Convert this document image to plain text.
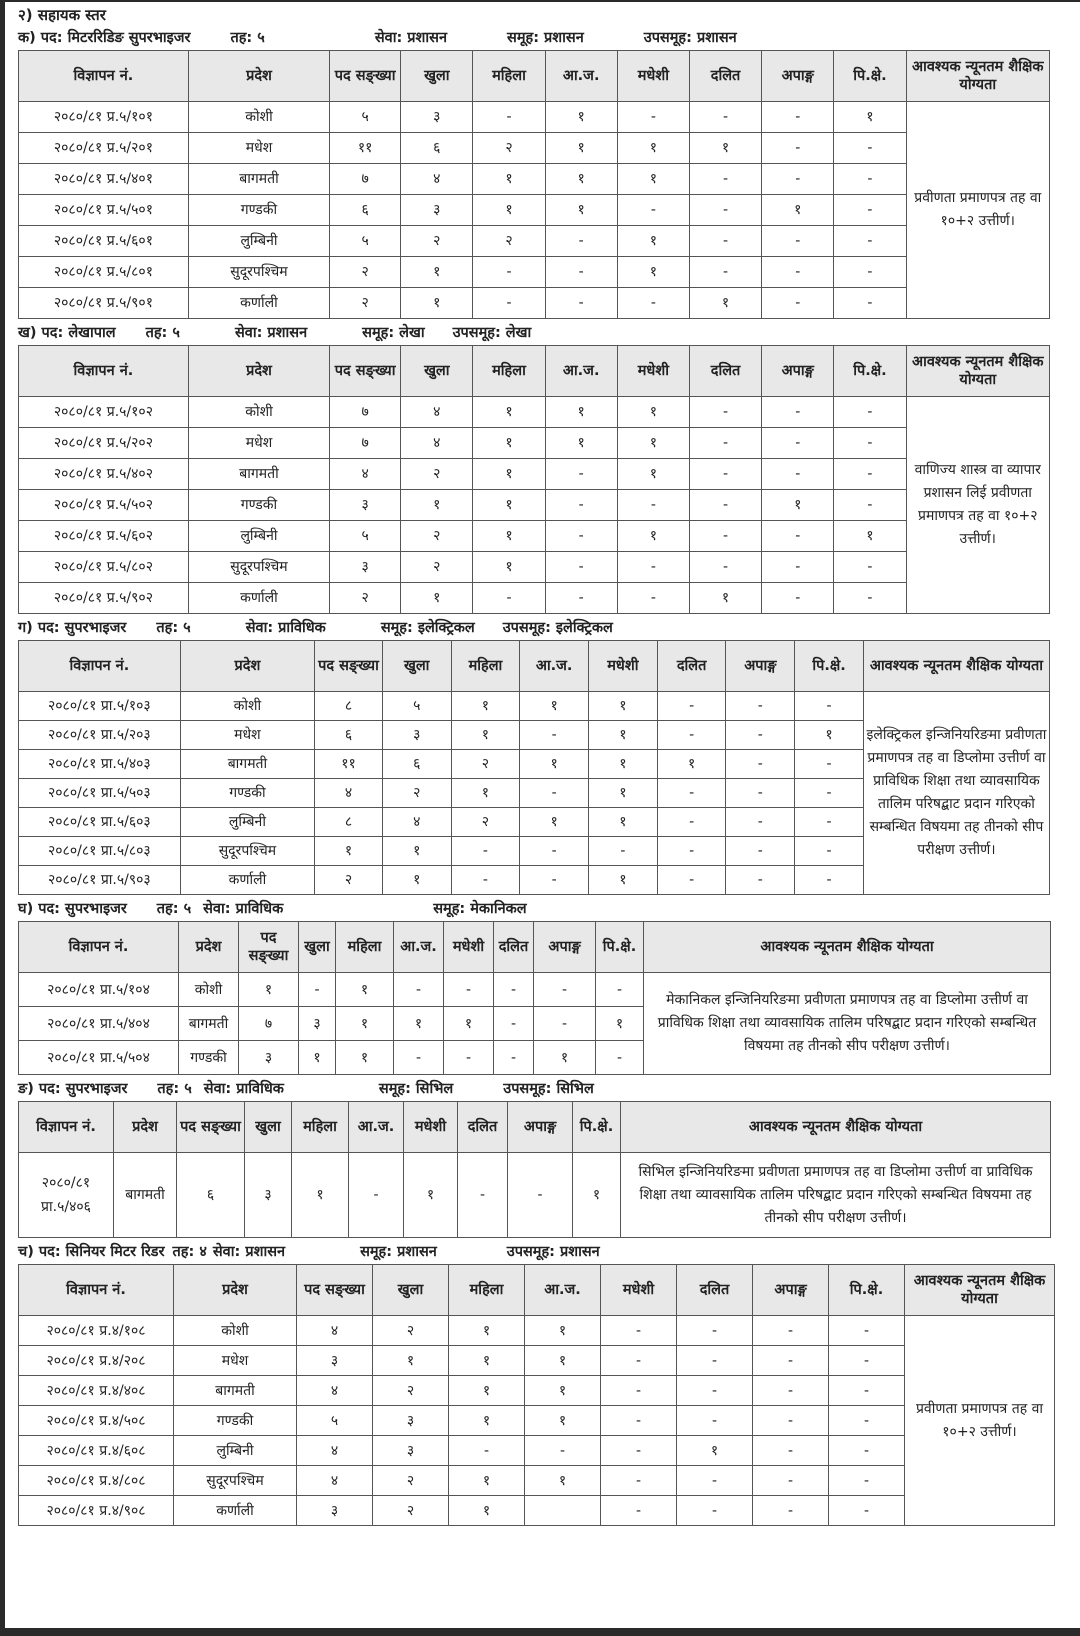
२) सहायक स्तर
क) पद: मिटररिडिङ सुपरभाइजर	तह: ५	सेवा: प्रशासन	समूह: प्रशासन	उपसमूह: प्रशासन
विज्ञापन नं.	प्रदेश	पद सङ्ख्या	खुला	महिला	आ.ज.	मधेशी	दलित	अपाङ्ग	पि.क्षे.	आवश्यक न्यूनतम शैक्षिक योग्यता
२०८०/८१ प्र.५/१०१	कोशी	५	३	-	१	-	-	-	१	प्रवीणता प्रमाणपत्र तह वा १०+२ उत्तीर्ण।
२०८०/८१ प्र.५/२०१	मधेश	११	६	२	१	१	१	-	-	
२०८०/८१ प्र.५/४०१	बागमती	७	४	१	१	१	-	-	-	
२०८०/८१ प्र.५/५०१	गण्डकी	६	३	१	१	-	-	१	-	
२०८०/८१ प्र.५/६०१	लुम्बिनी	५	२	२	-	१	-	-	-	
२०८०/८१ प्र.५/८०१	सुदूरपश्चिम	२	१	-	-	१	-	-	-	
२०८०/८१ प्र.५/९०१	कर्णाली	२	१	-	-	-	१	-	-	
ख) पद: लेखापाल तह: ५	सेवा: प्रशासन	समूह: लेखा उपसमूह: लेखा
विज्ञापन नं.	प्रदेश	पद सङ्ख्या	खुला	महिला	आ.ज.	मधेशी	दलित	अपाङ्ग	पि.क्षे.	आवश्यक न्यूनतम शैक्षिक योग्यता
२०८०/८१ प्र.५/१०२	कोशी	७	४	१	१	१	-	-	-	वाणिज्य शास्त्र वा व्यापार प्रशासन लिई प्रवीणता प्रमाणपत्र तह वा १०+२ उत्तीर्ण।
२०८०/८१ प्र.५/२०२	मधेश	७	४	१	१	१	-	-	-	
२०८०/८१ प्र.५/४०२	बागमती	४	२	१	-	१	-	-	-	
२०८०/८१ प्र.५/५०२	गण्डकी	३	१	१	-	-	-	१	-	
२०८०/८१ प्र.५/६०२	लुम्बिनी	५	२	१	-	१	-	-	१	
२०८०/८१ प्र.५/८०२	सुदूरपश्चिम	३	२	१	-	-	-	-	-	
२०८०/८१ प्र.५/९०२	कर्णाली	२	१	-	-	-	१	-	-	
ग) पद: सुपरभाइजर तह: ५	सेवा: प्राविधिक	समूह: इलेक्ट्रिकल उपसमूह: इलेक्ट्रिकल
विज्ञापन नं.	प्रदेश	पद सङ्ख्या	खुला	महिला	आ.ज.	मधेशी	दलित	अपाङ्ग	पि.क्षे.	आवश्यक न्यूनतम शैक्षिक योग्यता
२०८०/८१ प्रा.५/१०३	कोशी	८	५	१	१	१	-	-	-	इलेक्ट्रिकल इन्जिनियरिङमा प्रवीणता प्रमाणपत्र तह वा डिप्लोमा उत्तीर्ण वा प्राविधिक शिक्षा तथा व्यावसायिक तालिम परिषद्बाट प्रदान गरिएको सम्बन्धित विषयमा तह तीनको सीप परीक्षण उत्तीर्ण।
२०८०/८१ प्रा.५/२०३	मधेश	६	३	१	-	१	-	-	१	
२०८०/८१ प्रा.५/४०३	बागमती	११	६	२	१	१	१	-	-	
२०८०/८१ प्रा.५/५०३	गण्डकी	४	२	१	-	१	-	-	-	
२०८०/८१ प्रा.५/६०३	लुम्बिनी	८	४	२	१	१	-	-	-	
२०८०/८१ प्रा.५/८०३	सुदूरपश्चिम	१	१	-	-	-	-	-	-	
२०८०/८१ प्रा.५/९०३	कर्णाली	२	१	-	-	१	-	-	-	
घ) पद: सुपरभाइजर तह: ५ सेवा: प्राविधिक	समूह: मेकानिकल
विज्ञापन नं.	प्रदेश	पद सङ्ख्या	खुला	महिला	आ.ज.	मधेशी	दलित	अपाङ्ग	पि.क्षे.	आवश्यक न्यूनतम शैक्षिक योग्यता
२०८०/८१ प्रा.५/१०४	कोशी	१	-	१	-	-	-	-	-	मेकानिकल इन्जिनियरिङमा प्रवीणता प्रमाणपत्र तह वा डिप्लोमा उत्तीर्ण वा प्राविधिक शिक्षा तथा व्यावसायिक तालिम परिषद्बाट प्रदान गरिएको सम्बन्धित विषयमा तह तीनको सीप परीक्षण उत्तीर्ण।
२०८०/८१ प्रा.५/४०४	बागमती	७	३	१	१	१	-	-	१	
२०८०/८१ प्रा.५/५०४	गण्डकी	३	१	१	-	-	-	१	-	
ङ) पद: सुपरभाइजर तह: ५ सेवा: प्राविधिक	समूह: सिभिल	उपसमूह: सिभिल
विज्ञापन नं.	प्रदेश	पद सङ्ख्या	खुला	महिला	आ.ज.	मधेशी	दलित	अपाङ्ग	पि.क्षे.	आवश्यक न्यूनतम शैक्षिक योग्यता
२०८०/८१ प्रा.५/४०६	बागमती	६	३	१	-	१	-	-	१	सिभिल इन्जिनियरिङमा प्रवीणता प्रमाणपत्र तह वा डिप्लोमा उत्तीर्ण वा प्राविधिक शिक्षा तथा व्यावसायिक तालिम परिषद्बाट प्रदान गरिएको सम्बन्धित विषयमा तह तीनको सीप परीक्षण उत्तीर्ण।
च) पद: सिनियर मिटर रिडर तह: ४ सेवा: प्रशासन	समूह: प्रशासन	उपसमूह: प्रशासन
विज्ञापन नं.	प्रदेश	पद सङ्ख्या	खुला	महिला	आ.ज.	मधेशी	दलित	अपाङ्ग	पि.क्षे.	आवश्यक न्यूनतम शैक्षिक योग्यता
२०८०/८१ प्र.४/१०८	कोशी	४	२	१	१	-	-	-	-	प्रवीणता प्रमाणपत्र तह वा १०+२ उत्तीर्ण।
२०८०/८१ प्र.४/२०८	मधेश	३	१	१	१	-	-	-	-	
२०८०/८१ प्र.४/४०८	बागमती	४	२	१	१	-	-	-	-	
२०८०/८१ प्र.४/५०८	गण्डकी	५	३	१	१	-	-	-	-	
२०८०/८१ प्र.४/६०८	लुम्बिनी	४	३	-	-	-	१	-	-	
२०८०/८१ प्र.४/८०८	सुदूरपश्चिम	४	२	१	१	-	-	-	-	
२०८०/८१ प्र.४/९०८	कर्णाली	३	२	१		-	-	-	-	
